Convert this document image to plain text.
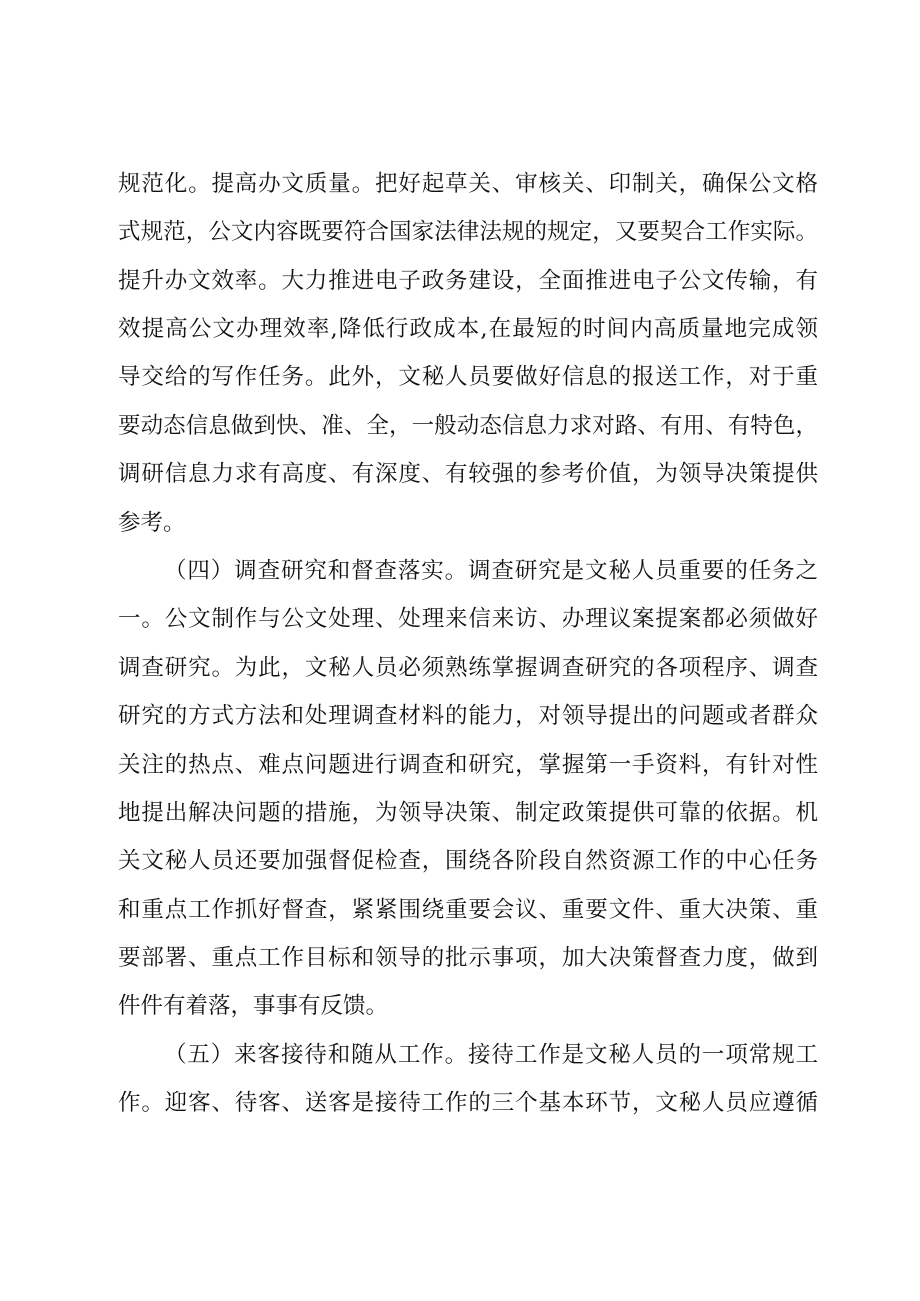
规范化。提高办文质量。把好起草关、审核关、印制关，确保公文格
式规范，公文内容既要符合国家法律法规的规定，又要契合工作实际。
提升办文效率。大力推进电子政务建设，全面推进电子公文传输，有
效提高公文办理效率,降低行政成本,在最短的时间内高质量地完成领
导交给的写作任务。此外，文秘人员要做好信息的报送工作，对于重
要动态信息做到快、准、全，一般动态信息力求对路、有用、有特色，
调研信息力求有高度、有深度、有较强的参考价值，为领导决策提供
参考。
（四）调查研究和督查落实。调查研究是文秘人员重要的任务之
一。公文制作与公文处理、处理来信来访、办理议案提案都必须做好
调查研究。为此，文秘人员必须熟练掌握调查研究的各项程序、调查
研究的方式方法和处理调查材料的能力，对领导提出的问题或者群众
关注的热点、难点问题进行调查和研究，掌握第一手资料，有针对性
地提出解决问题的措施，为领导决策、制定政策提供可靠的依据。机
关文秘人员还要加强督促检查，围绕各阶段自然资源工作的中心任务
和重点工作抓好督查，紧紧围绕重要会议、重要文件、重大决策、重
要部署、重点工作目标和领导的批示事项，加大决策督查力度，做到
件件有着落，事事有反馈。
（五）来客接待和随从工作。接待工作是文秘人员的一项常规工
作。迎客、待客、送客是接待工作的三个基本环节，文秘人员应遵循
